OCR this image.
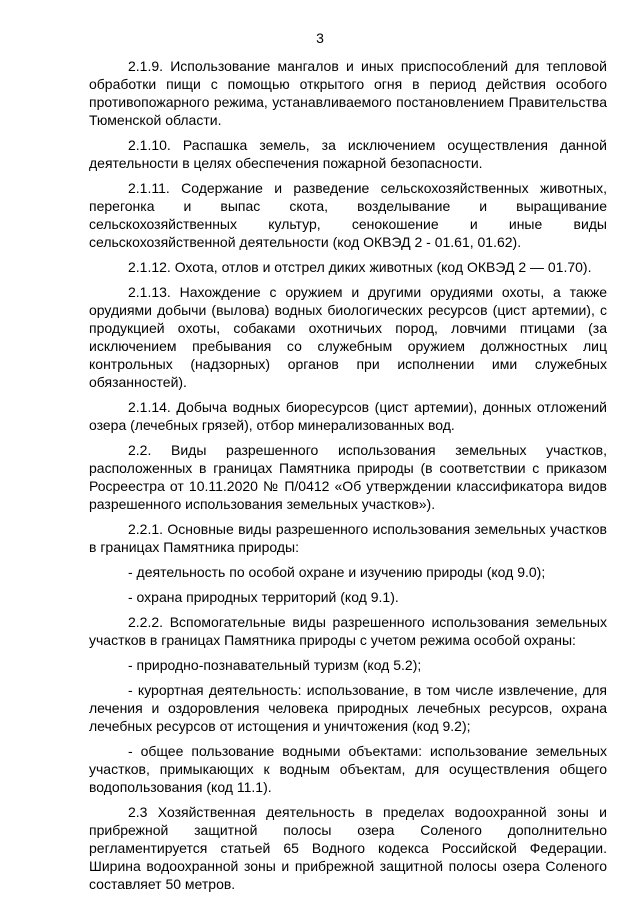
3

2.1.9. Использование мангалов и иных приспособлений для тепловой обработки пищи с помощью открытого огня в период действия особого противопожарного режима, устанавливаемого постановлением Правительства Тюменской области.

2.1.10. Распашка земель, за исключением осуществления данной деятельности в целях обеспечения пожарной безопасности.

2.1.11. Содержание и разведение сельскохозяйственных животных, перегонка и выпас скота, возделывание и выращивание сельскохозяйственных культур, сенокошение и иные виды сельскохозяйственной деятельности (код ОКВЭД 2 - 01.61, 01.62).

2.1.12. Охота, отлов и отстрел диких животных (код ОКВЭД 2 — 01.70).

2.1.13. Нахождение с оружием и другими орудиями охоты, а также орудиями добычи (вылова) водных биологических ресурсов (цист артемии), с продукцией охоты, собаками охотничьих пород, ловчими птицами (за исключением пребывания со служебным оружием должностных лиц контрольных (надзорных) органов при исполнении ими служебных обязанностей).

2.1.14. Добыча водных биоресурсов (цист артемии), донных отложений озера (лечебных грязей), отбор минерализованных вод.

2.2. Виды разрешенного использования земельных участков, расположенных в границах Памятника природы (в соответствии с приказом Росреестра от 10.11.2020 № П/0412 «Об утверждении классификатора видов разрешенного использования земельных участков»).

2.2.1. Основные виды разрешенного использования земельных участков в границах Памятника природы:

- деятельность по особой охране и изучению природы (код 9.0);

- охрана природных территорий (код 9.1).

2.2.2. Вспомогательные виды разрешенного использования земельных участков в границах Памятника природы с учетом режима особой охраны:

- природно-познавательный туризм (код 5.2);

- курортная деятельность: использование, в том числе извлечение, для лечения и оздоровления человека природных лечебных ресурсов, охрана лечебных ресурсов от истощения и уничтожения (код 9.2);

- общее пользование водными объектами: использование земельных участков, примыкающих к водным объектам, для осуществления общего водопользования (код 11.1).

2.3 Хозяйственная деятельность в пределах водоохранной зоны и прибрежной защитной полосы озера Соленого дополнительно регламентируется статьей 65 Водного кодекса Российской Федерации. Ширина водоохранной зоны и прибрежной защитной полосы озера Соленого составляет 50 метров.
